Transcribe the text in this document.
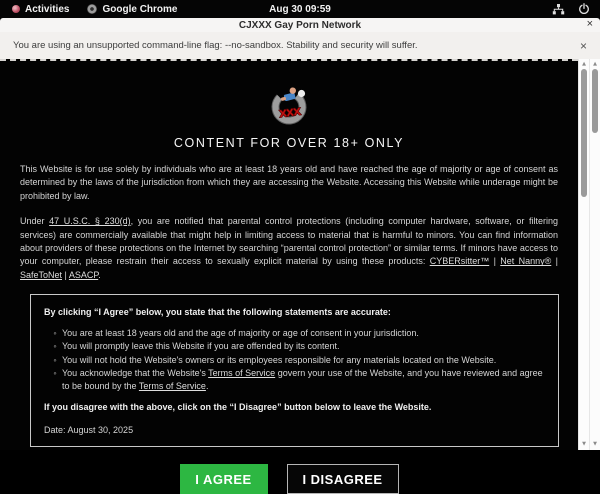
Activities	Google Chrome	Aug 30 09:59
CJXXX Gay Porn Network	×
You are using an unsupported command-line flag: --no-sandbox. Stability and security will suffer.	×
xxx
CONTENT FOR OVER 18+ ONLY

This Website is for use solely by individuals who are at least 18 years old and have reached the age of majority or age of consent as determined by the laws of the jurisdiction from which they are accessing the Website. Accessing this Website while underage might be prohibited by law.

Under 47 U.S.C. § 230(d), you are notified that parental control protections (including computer hardware, software, or filtering services) are commercially available that might help in limiting access to material that is harmful to minors. You can find information about providers of these protections on the Internet by searching “parental control protection” or similar terms. If minors have access to your computer, please restrain their access to sexually explicit material by using these products: CYBERsitter™ | Net Nanny® | SafeToNet | ASACP.

By clicking “I Agree” below, you state that the following statements are accurate:

◦ You are at least 18 years old and the age of majority or age of consent in your jurisdiction.
◦ You will promptly leave this Website if you are offended by its content.
◦ You will not hold the Website's owners or its employees responsible for any materials located on the Website.
◦ You acknowledge that the Website's Terms of Service govern your use of the Website, and you have reviewed and agree to be bound by the Terms of Service.

If you disagree with the above, click on the “I Disagree” button below to leave the Website.

Date: August 30, 2025

I AGREE	I DISAGREE
▲
▼
▲
▼
